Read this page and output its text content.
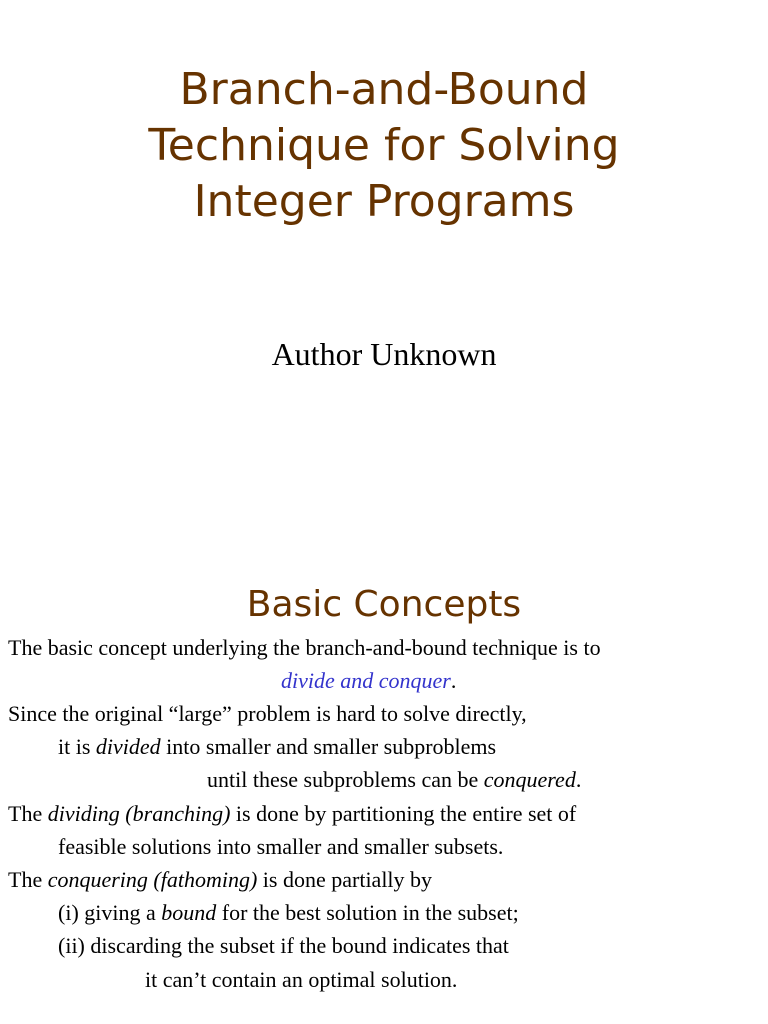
Branch-and-Bound
Technique for Solving
Integer Programs
Author Unknown
Basic Concepts
The basic concept underlying the branch-and-bound technique is to
divide and conquer.
Since the original “large” problem is hard to solve directly,
it is divided into smaller and smaller subproblems
until these subproblems can be conquered.
The dividing (branching) is done by partitioning the entire set of
feasible solutions into smaller and smaller subsets.
The conquering (fathoming) is done partially by
(i) giving a bound for the best solution in the subset;
(ii) discarding the subset if the bound indicates that
it can’t contain an optimal solution.
